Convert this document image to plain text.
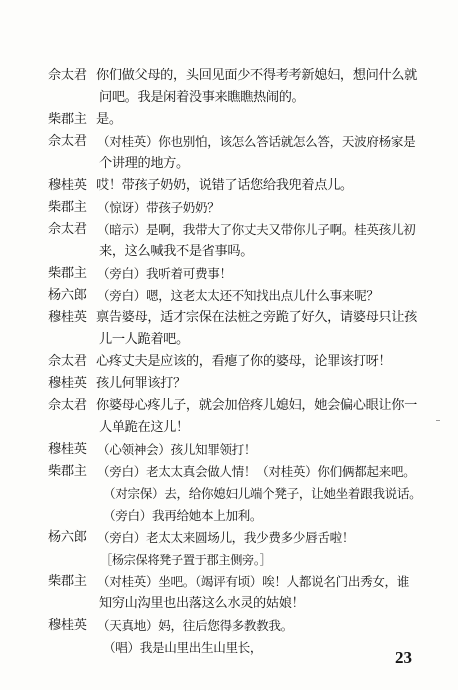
佘太君 你们做父母的，头回见面少不得考考新媳妇，想问什么就
问吧。我是闲着没事来瞧瞧热闹的。
柴郡主 是。
佘太君 （对桂英）你也别怕，该怎么答话就怎么答，天波府杨家是
个讲理的地方。
穆桂英 哎！带孩子奶奶，说错了话您给我兜着点儿。
柴郡主 （惊讶）带孩子奶奶？
佘太君 （暗示）是啊，我带大了你丈夫又带你儿子啊。桂英孩儿初
来，这么喊我不是省事吗。
柴郡主 （旁白）我听着可费事！
杨六郎 （旁白）嗯，这老太太还不知找出点儿什么事来呢？
穆桂英 禀告婆母，适才宗保在法桩之旁跪了好久，请婆母只让孩
儿一人跪着吧。
佘太君 心疼丈夫是应该的，看瘪了你的婆母，论罪该打呀！
穆桂英 孩儿何罪该打？
佘太君 你婆母心疼儿子，就会加倍疼儿媳妇，她会偏心眼让你一
人单跪在这儿！
穆桂英 （心领神会）孩儿知罪领打！
柴郡主 （旁白）老太太真会做人情！（对桂英）你们俩都起来吧。
（对宗保）去，给你媳妇儿端个凳子，让她坐着跟我说话。
（旁白）我再给她本上加利。
杨六郎 （旁白）老太太来圆场儿，我少费多少唇舌啦！
［杨宗保将凳子置于郡主侧旁。］
柴郡主 （对桂英）坐吧。（竭评有顷）唉！人都说名门出秀女，谁
知穷山沟里也出落这么水灵的姑娘！
穆桂英 （天真地）妈，往后您得多教教我。
（唱）我是山里出生山里长，
23
